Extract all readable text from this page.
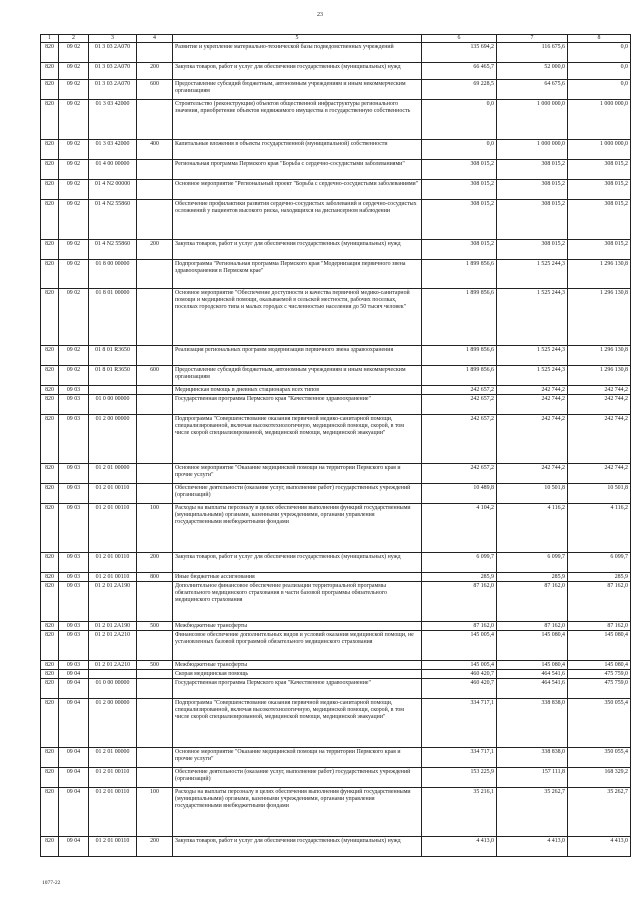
23
1	2	3	4	5	6	7	8
820	09 02	01 3 03 2А070		Развитие и укрепление материально-технической базы подведомственных учреждений	135 694,2	116 675,6	0,0
820	09 02	01 3 03 2А070	200	Закупка товаров, работ и услуг для обеспечения государственных (муниципальных) нужд	66 465,7	52 000,0	0,0
820	09 02	01 3 03 2А070	600	Предоставление субсидий бюджетным, автономным учреждениям и иным некоммерческим организациям	69 228,5	64 675,6	0,0
820	09 02	01 3 03 42000		Строительство (реконструкция) объектов общественной инфраструктуры регионального значения, приобретение объектов недвижимого имущества в государственную собственность	0,0	1 000 000,0	1 000 000,0
820	09 02	01 3 03 42000	400	Капитальные вложения в объекты государственной (муниципальной) собственности	0,0	1 000 000,0	1 000 000,0
820	09 02	01 4 00 00000		Региональная программа Пермского края "Борьба с сердечно-сосудистыми заболеваниями"	308 015,2	308 015,2	308 015,2
820	09 02	01 4 N2 00000		Основное мероприятие "Региональный проект "Борьба с сердечно-сосудистыми заболеваниями"	308 015,2	308 015,2	308 015,2
820	09 02	01 4 N2 55860		Обеспечение профилактики развития сердечно-сосудистых заболеваний и сердечно-сосудистых осложнений у пациентов высокого риска, находящихся на диспансерном наблюдении	308 015,2	308 015,2	308 015,2
820	09 02	01 4 N2 55860	200	Закупка товаров, работ и услуг для обеспечения государственных (муниципальных) нужд	308 015,2	308 015,2	308 015,2
820	09 02	01 8 00 00000		Подпрограмма "Региональная программа Пермского края "Модернизация первичного звена здравоохранения в Пермском крае"	1 899 856,6	1 525 244,3	1 296 130,8
820	09 02	01 8 01 00000		Основное мероприятие "Обеспечение доступности и качества первичной медико-санитарной помощи и медицинской помощи, оказываемой в сельской местности, рабочих поселках, поселках городского типа и малых городах с численностью населения до 50 тысяч человек"	1 899 856,6	1 525 244,3	1 296 130,8
820	09 02	01 8 01 R3650		Реализация региональных программ модернизации первичного звена здравоохранения	1 899 856,6	1 525 244,3	1 296 130,8
820	09 02	01 8 01 R3650	600	Предоставление субсидий бюджетным, автономным учреждениям и иным некоммерческим организациям	1 899 856,6	1 525 244,3	1 296 130,8
820	09 03			Медицинская помощь в дневных стационарах всех типов	242 657,2	242 744,2	242 744,2
820	09 03	01 0 00 00000		Государственная программа Пермского края "Качественное здравоохранение"	242 657,2	242 744,2	242 744,2
820	09 03	01 2 00 00000		Подпрограмма "Совершенствование оказания первичной медико-санитарной помощи, специализированной, включая высокотехнологичную, медицинской помощи, скорой, в том числе скорой специализированной, медицинской помощи, медицинской эвакуации"	242 657,2	242 744,2	242 744,2
820	09 03	01 2 01 00000		Основное мероприятие "Оказание медицинской помощи на территории Пермского края и прочие услуги"	242 657,2	242 744,2	242 744,2
820	09 03	01 2 01 00110		Обеспечение деятельности (оказание услуг, выполнение работ) государственных учреждений (организаций)	10 489,8	10 501,8	10 501,8
820	09 03	01 2 01 00110	100	Расходы на выплаты персоналу в целях обеспечения выполнения функций государственными (муниципальными) органами, казенными учреждениями, органами управления государственными внебюджетными фондами	4 104,2	4 116,2	4 116,2
820	09 03	01 2 01 00110	200	Закупка товаров, работ и услуг для обеспечения государственных (муниципальных) нужд	6 099,7	6 099,7	6 099,7
820	09 03	01 2 01 00110	800	Иные бюджетные ассигнования	285,9	285,9	285,9
820	09 03	01 2 01 2А190		Дополнительное финансовое обеспечение реализации территориальной программы обязательного медицинского страхования в части базовой программы обязательного медицинского страхования	87 162,0	87 162,0	87 162,0
820	09 03	01 2 01 2А190	500	Межбюджетные трансферты	87 162,0	87 162,0	87 162,0
820	09 03	01 2 01 2А210		Финансовое обеспечение дополнительных видов и условий оказания медицинской помощи, не установленных базовой программой обязательного медицинского страхования	145 005,4	145 080,4	145 080,4
820	09 03	01 2 01 2А210	500	Межбюджетные трансферты	145 005,4	145 080,4	145 080,4
820	09 04			Скорая медицинская помощь	460 420,7	464 541,6	475 759,0
820	09 04	01 0 00 00000		Государственная программа Пермского края "Качественное здравоохранение"	460 420,7	464 541,6	475 759,0
820	09 04	01 2 00 00000		Подпрограмма "Совершенствование оказания первичной медико-санитарной помощи, специализированной, включая высокотехнологичную, медицинской помощи, скорой, в том числе скорой специализированной, медицинской помощи, медицинской эвакуации"	334 717,1	338 838,0	350 055,4
820	09 04	01 2 01 00000		Основное мероприятие "Оказание медицинской помощи на территории Пермского края и прочие услуги"	334 717,1	338 838,0	350 055,4
820	09 04	01 2 01 00110		Обеспечение деятельности (оказание услуг, выполнение работ) государственных учреждений (организаций)	153 225,9	157 111,8	168 329,2
820	09 04	01 2 01 00110	100	Расходы на выплаты персоналу в целях обеспечения выполнения функций государственными (муниципальными) органами, казенными учреждениями, органами управления государственными внебюджетными фондами	35 216,1	35 262,7	35 262,7
820	09 04	01 2 01 00110	200	Закупка товаров, работ и услуг для обеспечения государственных (муниципальных) нужд	4 413,0	4 413,0	4 413,0
1077-22
